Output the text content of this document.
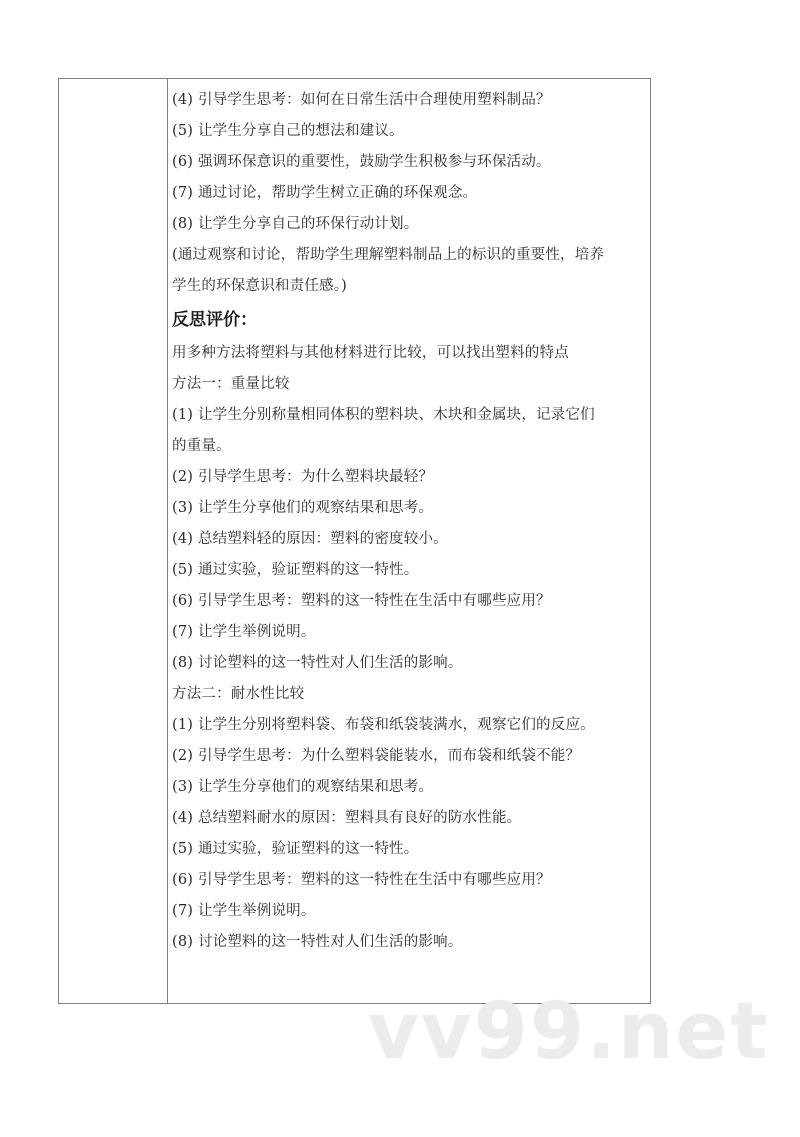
(4) 引导学生思考：如何在日常生活中合理使用塑料制品？
(5) 让学生分享自己的想法和建议。
(6) 强调环保意识的重要性，鼓励学生积极参与环保活动。
(7) 通过讨论，帮助学生树立正确的环保观念。
(8) 让学生分享自己的环保行动计划。
(通过观察和讨论，帮助学生理解塑料制品上的标识的重要性，培养
学生的环保意识和责任感。)
反思评价：
用多种方法将塑料与其他材料进行比较，可以找出塑料的特点
方法一：重量比较
(1) 让学生分别称量相同体积的塑料块、木块和金属块，记录它们
的重量。
(2) 引导学生思考：为什么塑料块最轻？
(3) 让学生分享他们的观察结果和思考。
(4) 总结塑料轻的原因：塑料的密度较小。
(5) 通过实验，验证塑料的这一特性。
(6) 引导学生思考：塑料的这一特性在生活中有哪些应用？
(7) 让学生举例说明。
(8) 讨论塑料的这一特性对人们生活的影响。
方法二：耐水性比较
(1) 让学生分别将塑料袋、布袋和纸袋装满水，观察它们的反应。
(2) 引导学生思考：为什么塑料袋能装水，而布袋和纸袋不能？
(3) 让学生分享他们的观察结果和思考。
(4) 总结塑料耐水的原因：塑料具有良好的防水性能。
(5) 通过实验，验证塑料的这一特性。
(6) 引导学生思考：塑料的这一特性在生活中有哪些应用？
(7) 让学生举例说明。
(8) 讨论塑料的这一特性对人们生活的影响。
vv99.net
